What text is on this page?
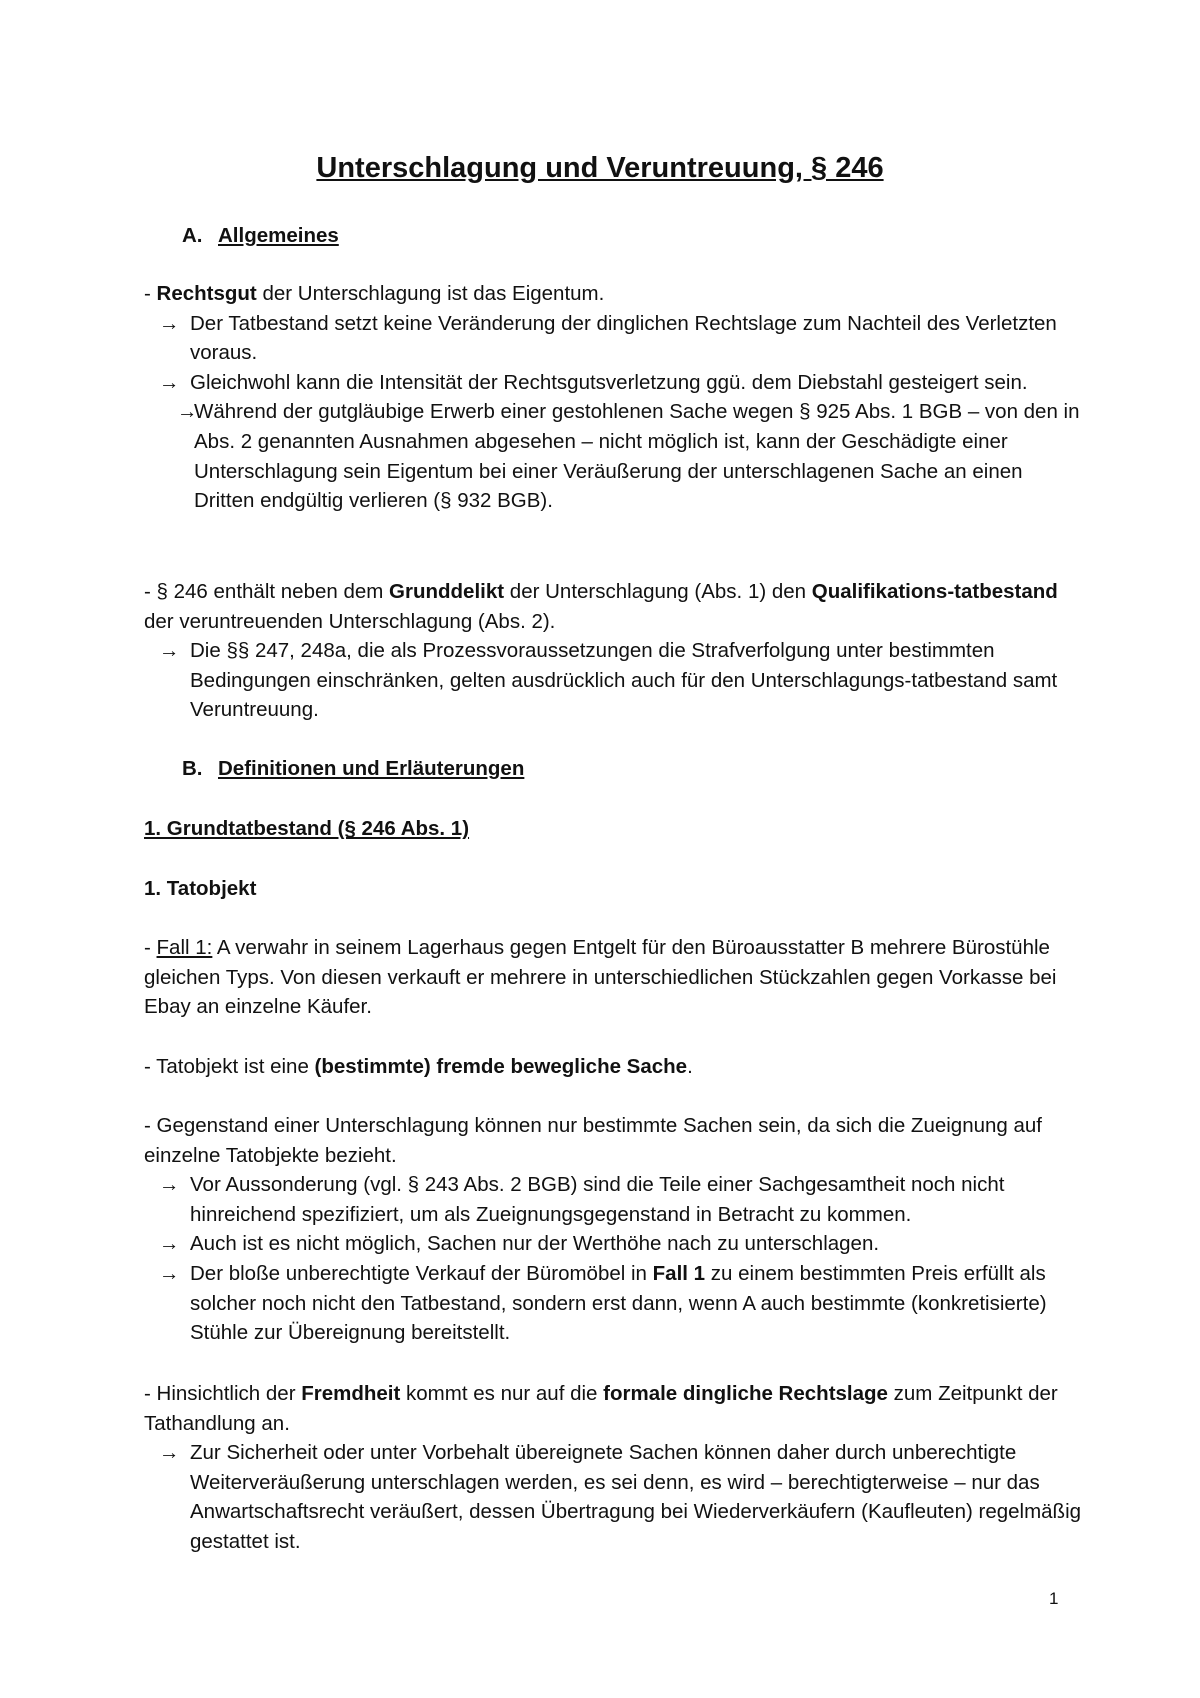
Unterschlagung und Veruntreuung, § 246
A. Allgemeines

- Rechtsgut der Unterschlagung ist das Eigentum.

→ Der Tatbestand setzt keine Veränderung der dinglichen Rechtslage zum Nachteil des Verletzten voraus.

→ Gleichwohl kann die Intensität der Rechtsgutsverletzung ggü. dem Diebstahl gesteigert sein.

→
Während der gutgläubige Erwerb einer gestohlenen Sache wegen § 925 Abs. 1 BGB – von den in Abs. 2 genannten Ausnahmen abgesehen – nicht möglich ist, kann der Geschädigte einer Unterschlagung sein Eigentum bei einer Veräußerung der unterschlagenen Sache an einen Dritten endgültig verlieren (§ 932 BGB).

- § 246 enthält neben dem Grunddelikt der Unterschlagung (Abs. 1) den Qualifikations-tatbestand der veruntreuenden Unterschlagung (Abs. 2).

→ Die §§ 247, 248a, die als Prozessvoraussetzungen die Strafverfolgung unter bestimmten Bedingungen einschränken, gelten ausdrücklich auch für den Unterschlagungs-tatbestand samt Veruntreuung.

B. Definitionen und Erläuterungen

1. Grundtatbestand (§ 246 Abs. 1)

1. Tatobjekt

- Fall 1: A verwahr in seinem Lagerhaus gegen Entgelt für den Büroausstatter B mehrere Bürostühle gleichen Typs. Von diesen verkauft er mehrere in unterschiedlichen Stückzahlen gegen Vorkasse bei Ebay an einzelne Käufer.

- Tatobjekt ist eine (bestimmte) fremde bewegliche Sache.

- Gegenstand einer Unterschlagung können nur bestimmte Sachen sein, da sich die Zueignung auf einzelne Tatobjekte bezieht.

→ Vor Aussonderung (vgl. § 243 Abs. 2 BGB) sind die Teile einer Sachgesamtheit noch nicht hinreichend spezifiziert, um als Zueignungsgegenstand in Betracht zu kommen.

→ Auch ist es nicht möglich, Sachen nur der Werthöhe nach zu unterschlagen.

→ Der bloße unberechtigte Verkauf der Büromöbel in Fall 1 zu einem bestimmten Preis erfüllt als solcher noch nicht den Tatbestand, sondern erst dann, wenn A auch bestimmte (konkretisierte) Stühle zur Übereignung bereitstellt.

- Hinsichtlich der Fremdheit kommt es nur auf die formale dingliche Rechtslage zum Zeitpunkt der Tathandlung an.

→ Zur Sicherheit oder unter Vorbehalt übereignete Sachen können daher durch unberechtigte Weiterveräußerung unterschlagen werden, es sei denn, es wird – berechtigterweise – nur das Anwartschaftsrecht veräußert, dessen Übertragung bei Wiederverkäufern (Kaufleuten) regelmäßig gestattet ist.

1
